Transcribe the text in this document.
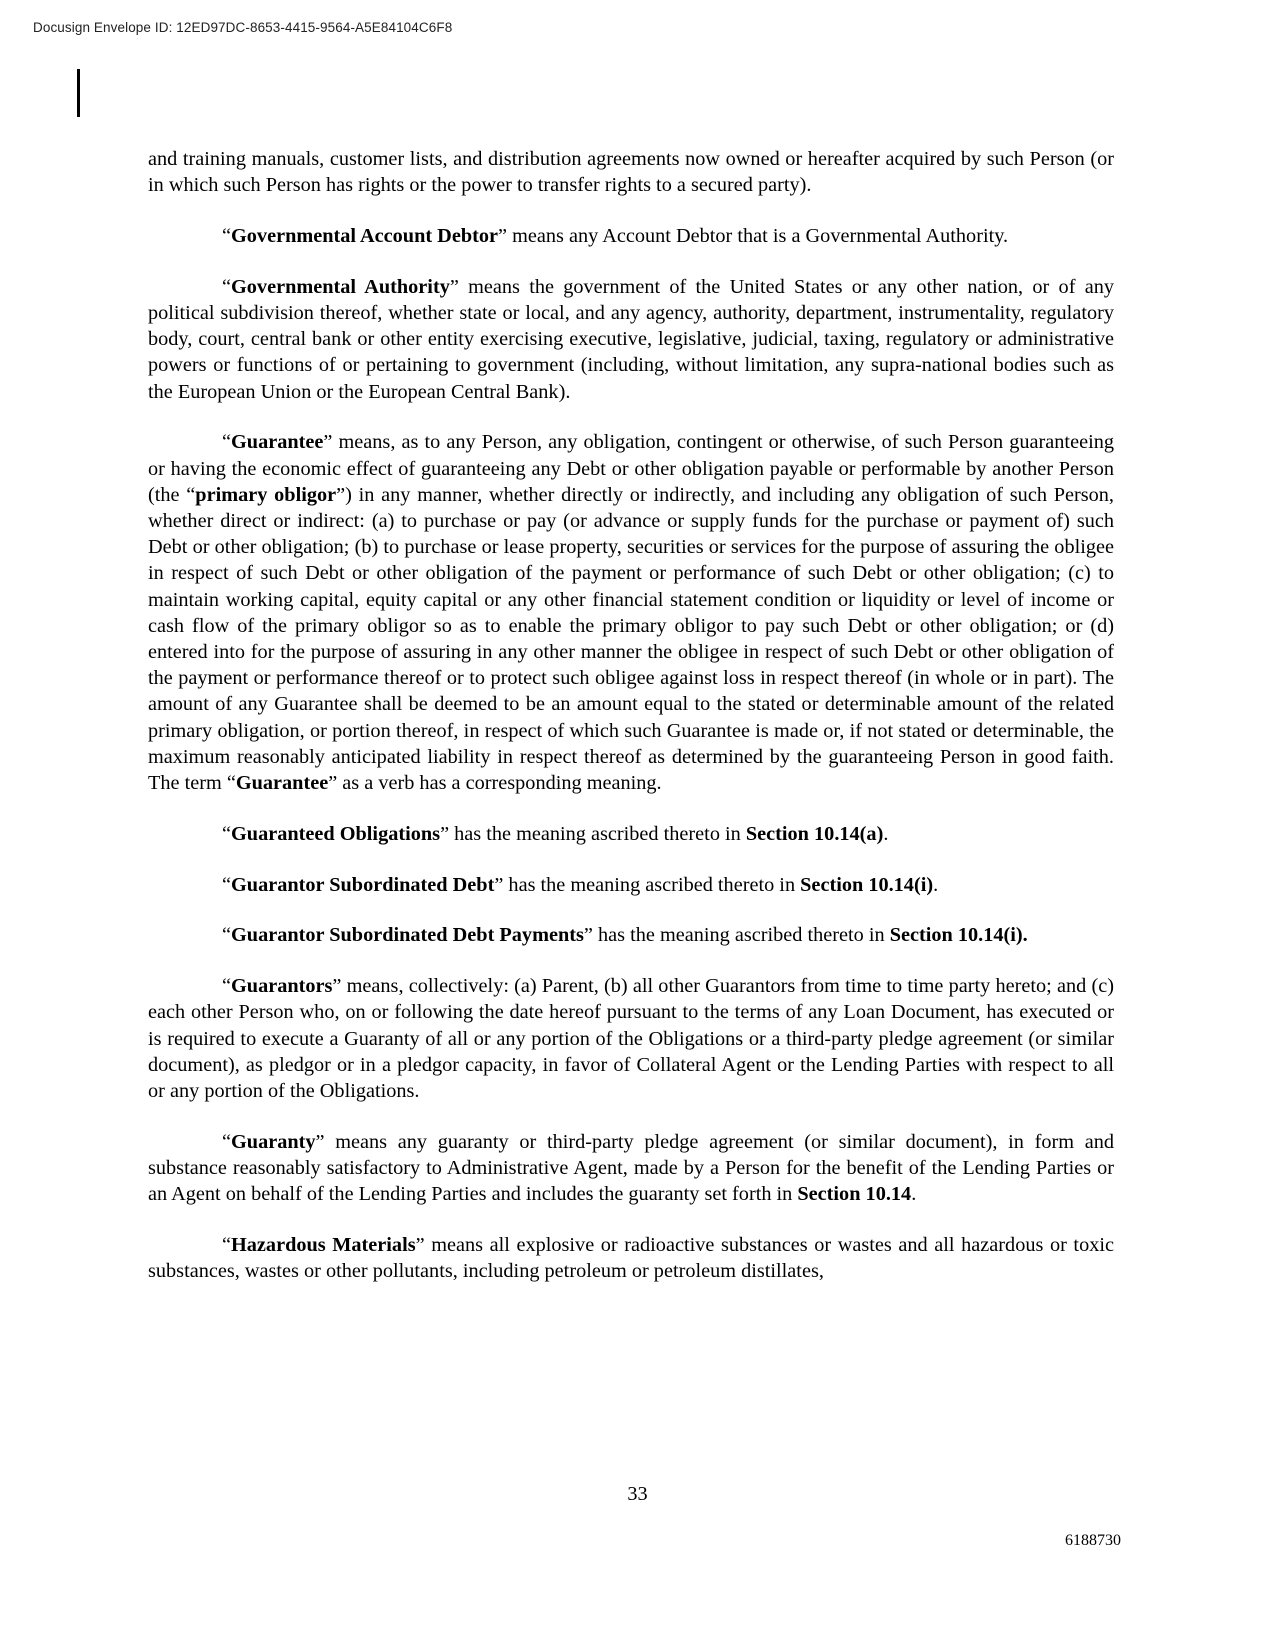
Docusign Envelope ID: 12ED97DC-8653-4415-9564-A5E84104C6F8

and training manuals, customer lists, and distribution agreements now owned or hereafter acquired by such Person (or in which such Person has rights or the power to transfer rights to a secured party).

“Governmental Account Debtor” means any Account Debtor that is a Governmental Authority.

“Governmental Authority” means the government of the United States or any other nation, or of any political subdivision thereof, whether state or local, and any agency, authority, department, instrumentality, regulatory body, court, central bank or other entity exercising executive, legislative, judicial, taxing, regulatory or administrative powers or functions of or pertaining to government (including, without limitation, any supra-national bodies such as the European Union or the European Central Bank).

“Guarantee” means, as to any Person, any obligation, contingent or otherwise, of such Person guaranteeing or having the economic effect of guaranteeing any Debt or other obligation payable or performable by another Person (the “primary obligor”) in any manner, whether directly or indirectly, and including any obligation of such Person, whether direct or indirect: (a) to purchase or pay (or advance or supply funds for the purchase or payment of) such Debt or other obligation; (b) to purchase or lease property, securities or services for the purpose of assuring the obligee in respect of such Debt or other obligation of the payment or performance of such Debt or other obligation; (c) to maintain working capital, equity capital or any other financial statement condition or liquidity or level of income or cash flow of the primary obligor so as to enable the primary obligor to pay such Debt or other obligation; or (d) entered into for the purpose of assuring in any other manner the obligee in respect of such Debt or other obligation of the payment or performance thereof or to protect such obligee against loss in respect thereof (in whole or in part). The amount of any Guarantee shall be deemed to be an amount equal to the stated or determinable amount of the related primary obligation, or portion thereof, in respect of which such Guarantee is made or, if not stated or determinable, the maximum reasonably anticipated liability in respect thereof as determined by the guaranteeing Person in good faith. The term “Guarantee” as a verb has a corresponding meaning.

“Guaranteed Obligations” has the meaning ascribed thereto in Section 10.14(a).

“Guarantor Subordinated Debt” has the meaning ascribed thereto in Section 10.14(i).

“Guarantor Subordinated Debt Payments” has the meaning ascribed thereto in Section 10.14(i).

“Guarantors” means, collectively: (a) Parent, (b) all other Guarantors from time to time party hereto; and (c) each other Person who, on or following the date hereof pursuant to the terms of any Loan Document, has executed or is required to execute a Guaranty of all or any portion of the Obligations or a third-party pledge agreement (or similar document), as pledgor or in a pledgor capacity, in favor of Collateral Agent or the Lending Parties with respect to all or any portion of the Obligations.

“Guaranty” means any guaranty or third-party pledge agreement (or similar document), in form and substance reasonably satisfactory to Administrative Agent, made by a Person for the benefit of the Lending Parties or an Agent on behalf of the Lending Parties and includes the guaranty set forth in Section 10.14.

“Hazardous Materials” means all explosive or radioactive substances or wastes and all hazardous or toxic substances, wastes or other pollutants, including petroleum or petroleum distillates,

33
6188730
